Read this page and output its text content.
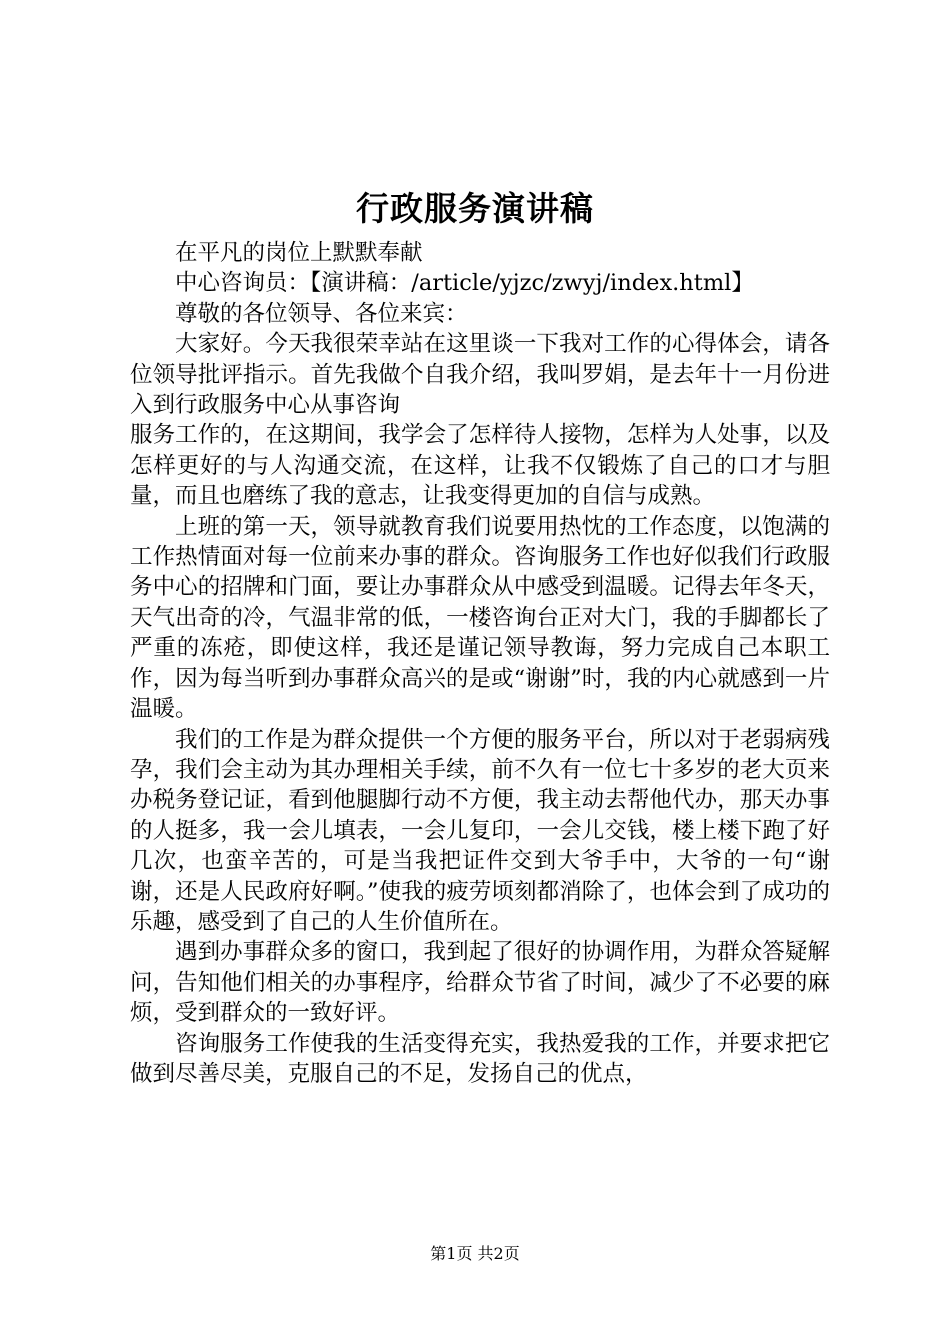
行政服务演讲稿

在平凡的岗位上默默奉献

中心咨询员：【演讲稿：/article/yjzc/zwyj/index.html】

尊敬的各位领导、各位来宾：

大家好。今天我很荣幸站在这里谈一下我对工作的心得体会，请各位领导批评指示。首先我做个自我介绍，我叫罗娟，是去年十一月份进入到行政服务中心从事咨询

服务工作的，在这期间，我学会了怎样待人接物，怎样为人处事，以及怎样更好的与人沟通交流，在这样，让我不仅锻炼了自己的口才与胆量，而且也磨练了我的意志，让我变得更加的自信与成熟。

上班的第一天，领导就教育我们说要用热忱的工作态度，以饱满的工作热情面对每一位前来办事的群众。咨询服务工作也好似我们行政服务中心的招牌和门面，要让办事群众从中感受到温暖。记得去年冬天，天气出奇的冷，气温非常的低，一楼咨询台正对大门，我的手脚都长了严重的冻疮，即使这样，我还是谨记领导教诲，努力完成自己本职工作，因为每当听到办事群众高兴的是或“谢谢”时，我的内心就感到一片温暖。

我们的工作是为群众提供一个方便的服务平台，所以对于老弱病残孕，我们会主动为其办理相关手续，前不久有一位七十多岁的老大页来办税务登记证，看到他腿脚行动不方便，我主动去帮他代办，那天办事的人挺多，我一会儿填表，一会儿复印，一会儿交钱，楼上楼下跑了好几次，也蛮辛苦的，可是当我把证件交到大爷手中，大爷的一句“谢谢，还是人民政府好啊。”使我的疲劳顷刻都消除了，也体会到了成功的乐趣，感受到了自己的人生价值所在。

遇到办事群众多的窗口，我到起了很好的协调作用，为群众答疑解问，告知他们相关的办事程序，给群众节省了时间，减少了不必要的麻烦，受到群众的一致好评。

咨询服务工作使我的生活变得充实，我热爱我的工作，并要求把它做到尽善尽美，克服自己的不足，发扬自己的优点，

第1页 共2页
